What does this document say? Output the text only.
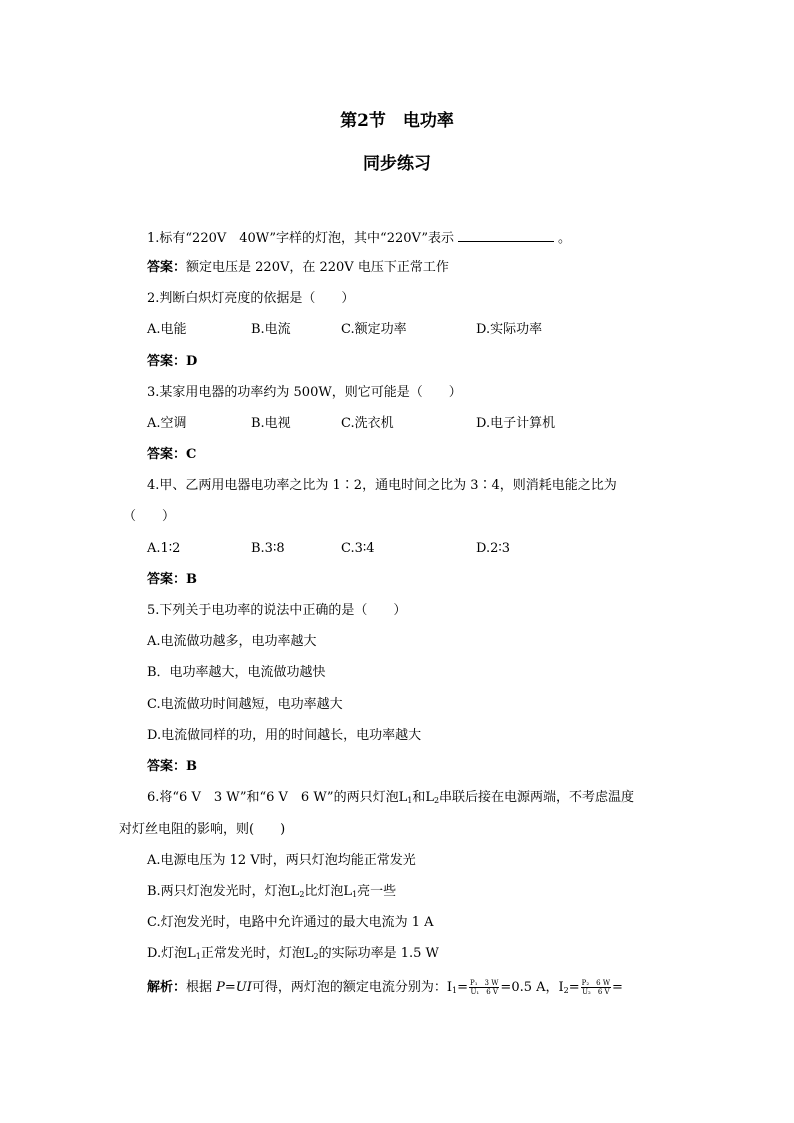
第2节　电功率
同步练习
1.标有“220V　40W”字样的灯泡，其中“220V”表示	。
答案：额定电压是 220V，在 220V 电压下正常工作
2.判断白炽灯亮度的依据是（　　）
A.电能	B.电流	C.额定功率	D.实际功率
答案：D
3.某家用电器的功率约为 500W，则它可能是（　　）
A.空调	B.电视	C.洗衣机	D.电子计算机
答案：C
4.甲、乙两用电器电功率之比为 1∶2，通电时间之比为 3∶4，则消耗电能之比为
（　　）
A.1∶2	B.3∶8	C.3∶4	D.2∶3
答案：B
5.下列关于电功率的说法中正确的是（　　）
A.电流做功越多，电功率越大
B．电功率越大，电流做功越快
C.电流做功时间越短，电功率越大
D.电流做同样的功，用的时间越长，电功率越大
答案：B
6.将“6 V　3 W”和“6 V　6 W”的两只灯泡$L_1$和$L_2$串联后接在电源两端，不考虑温度
对灯丝电阻的影响，则(　　)
A.电源电压为 12 V时，两只灯泡均能正常发光
B.两只灯泡发光时，灯泡$L_2$比灯泡$L_1$亮一些
C.灯泡发光时，电路中允许通过的最大电流为 1 A
D.灯泡$L_1$正常发光时，灯泡$L_2$的实际功率是 1.5 W
解析：根据 P=UI可得，两灯泡的额定电流分别为：$I_1= \frac{\text{P₁　3 W}}{\text{U₁　6 V}} =0.5$ A，$I_2= \frac{\text{P₂　6 W}}{\text{U₂　6 V}}$ =
